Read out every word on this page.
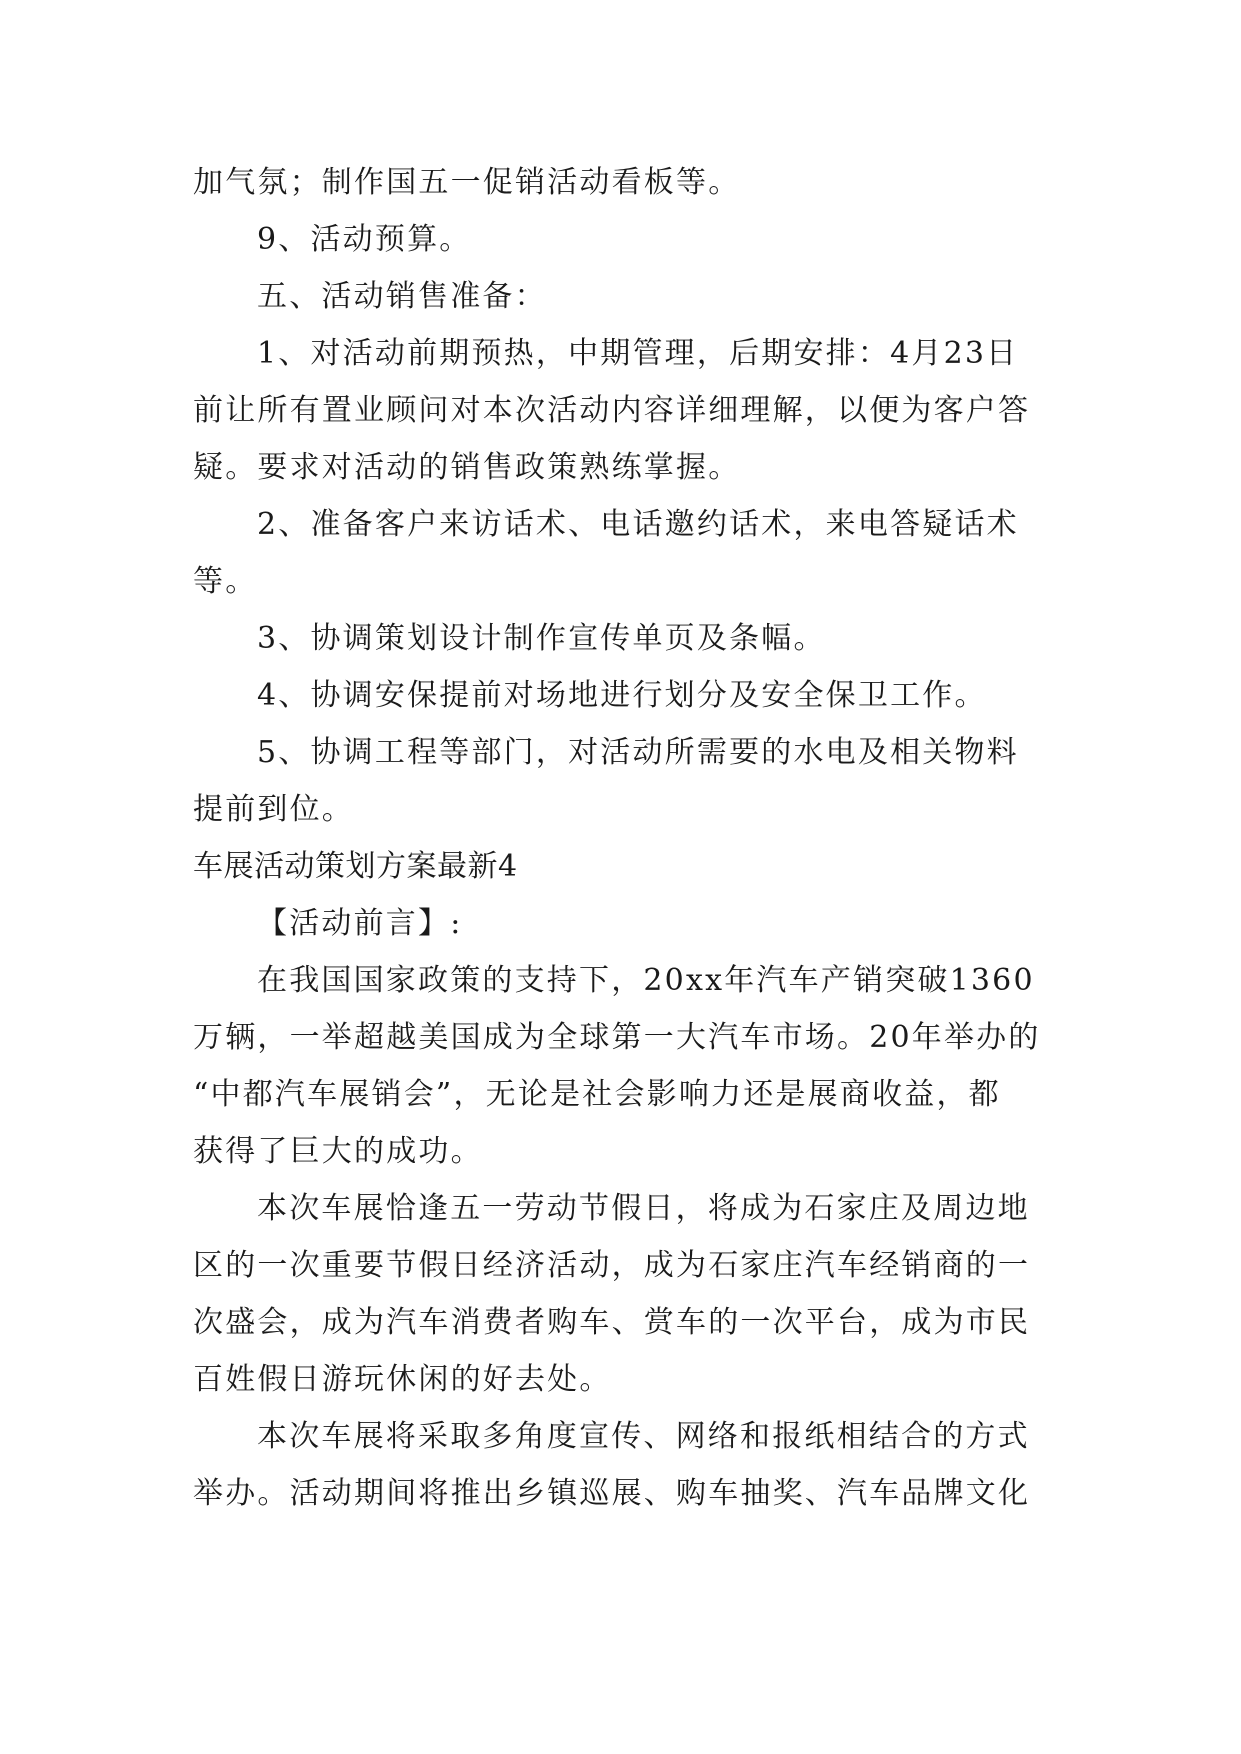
加气氛；制作国五一促销活动看板等。
9、活动预算。
五、活动销售准备：
1、对活动前期预热，中期管理，后期安排：4月23日
前让所有置业顾问对本次活动内容详细理解，以便为客户答
疑。要求对活动的销售政策熟练掌握。
2、准备客户来访话术、电话邀约话术，来电答疑话术
等。
3、协调策划设计制作宣传单页及条幅。
4、协调安保提前对场地进行划分及安全保卫工作。
5、协调工程等部门，对活动所需要的水电及相关物料
提前到位。
车展活动策划方案最新4
【活动前言】:
在我国国家政策的支持下，20xx年汽车产销突破1360
万辆，一举超越美国成为全球第一大汽车市场。20年举办的
“中都汽车展销会”，无论是社会影响力还是展商收益，都
获得了巨大的成功。
本次车展恰逢五一劳动节假日，将成为石家庄及周边地
区的一次重要节假日经济活动，成为石家庄汽车经销商的一
次盛会，成为汽车消费者购车、赏车的一次平台，成为市民
百姓假日游玩休闲的好去处。
本次车展将采取多角度宣传、网络和报纸相结合的方式
举办。活动期间将推出乡镇巡展、购车抽奖、汽车品牌文化
